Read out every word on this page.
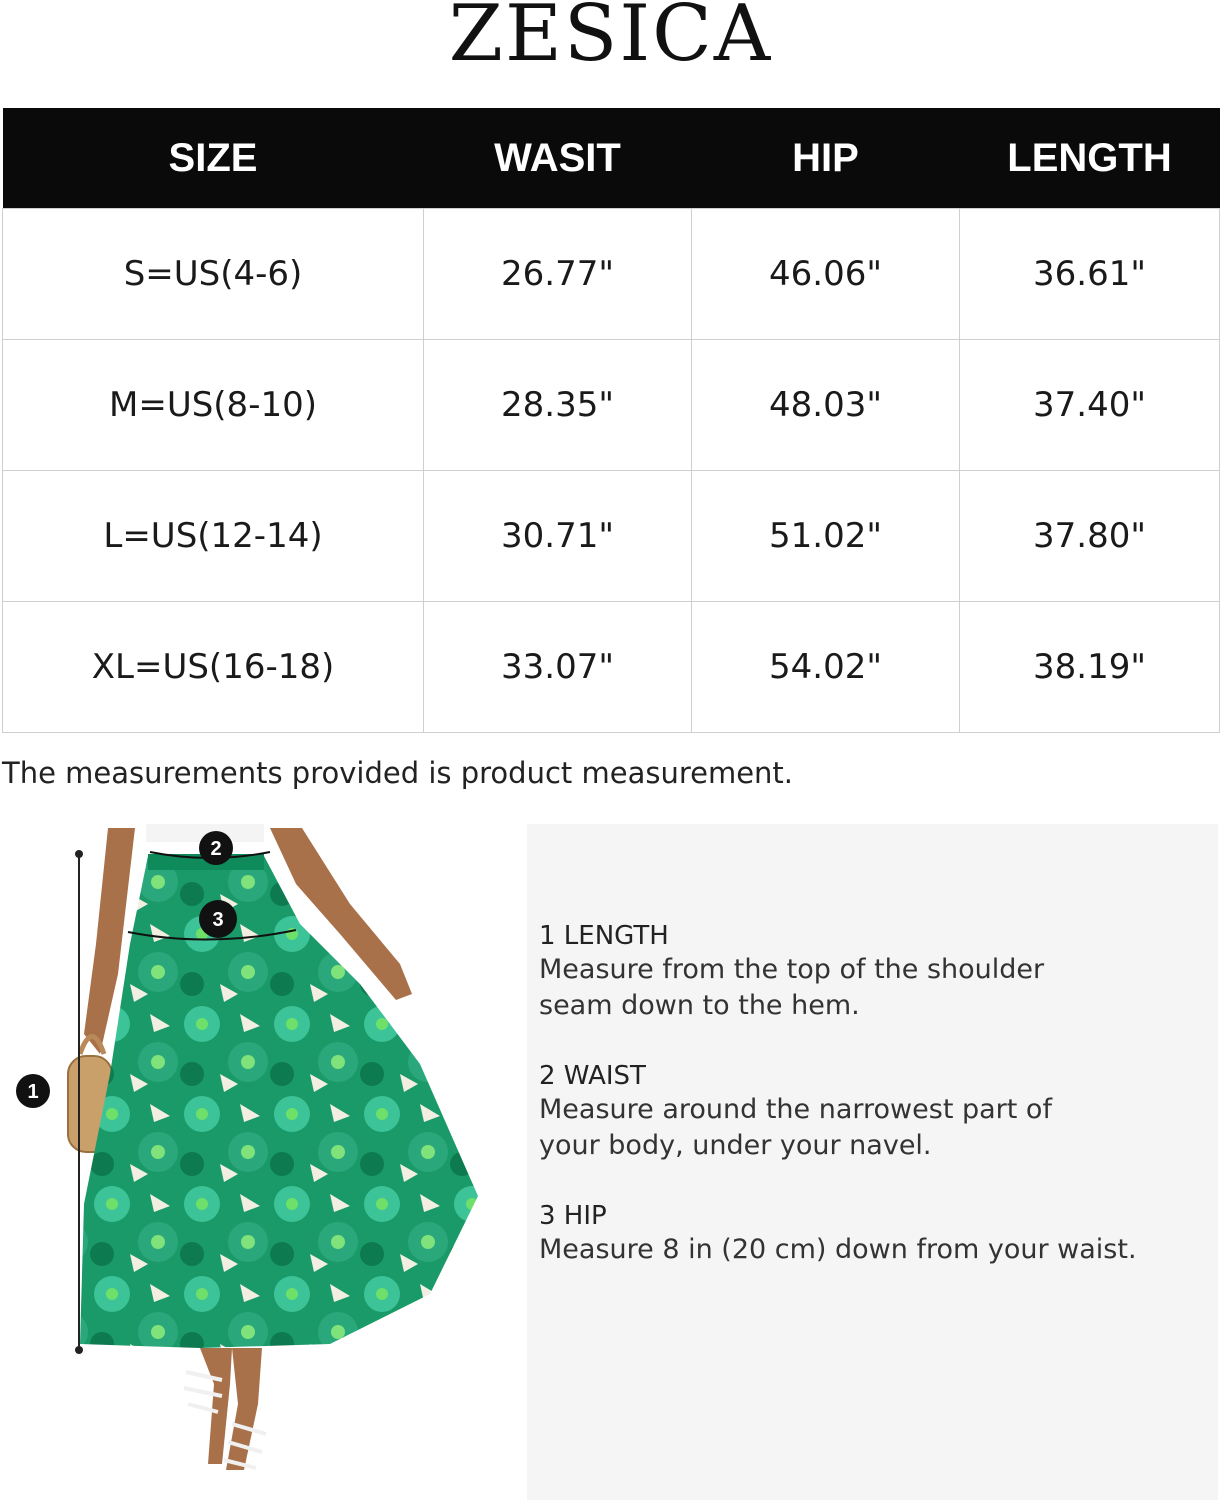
ZESICA
SIZE	WASIT	HIP	LENGTH
S=US(4-6)	26.77"	46.06"	36.61"
M=US(8-10)	28.35"	48.03"	37.40"
L=US(12-14)	30.71"	51.02"	37.80"
XL=US(16-18)	33.07"	54.02"	38.19"
The measurements provided is product measurement.
1
2
3
1 LENGTH
Measure from the top of the shoulder seam down to the hem.
2 WAIST
Measure around the narrowest part of your body, under your navel.
3 HIP
Measure 8 in (20 cm) down from your waist.
